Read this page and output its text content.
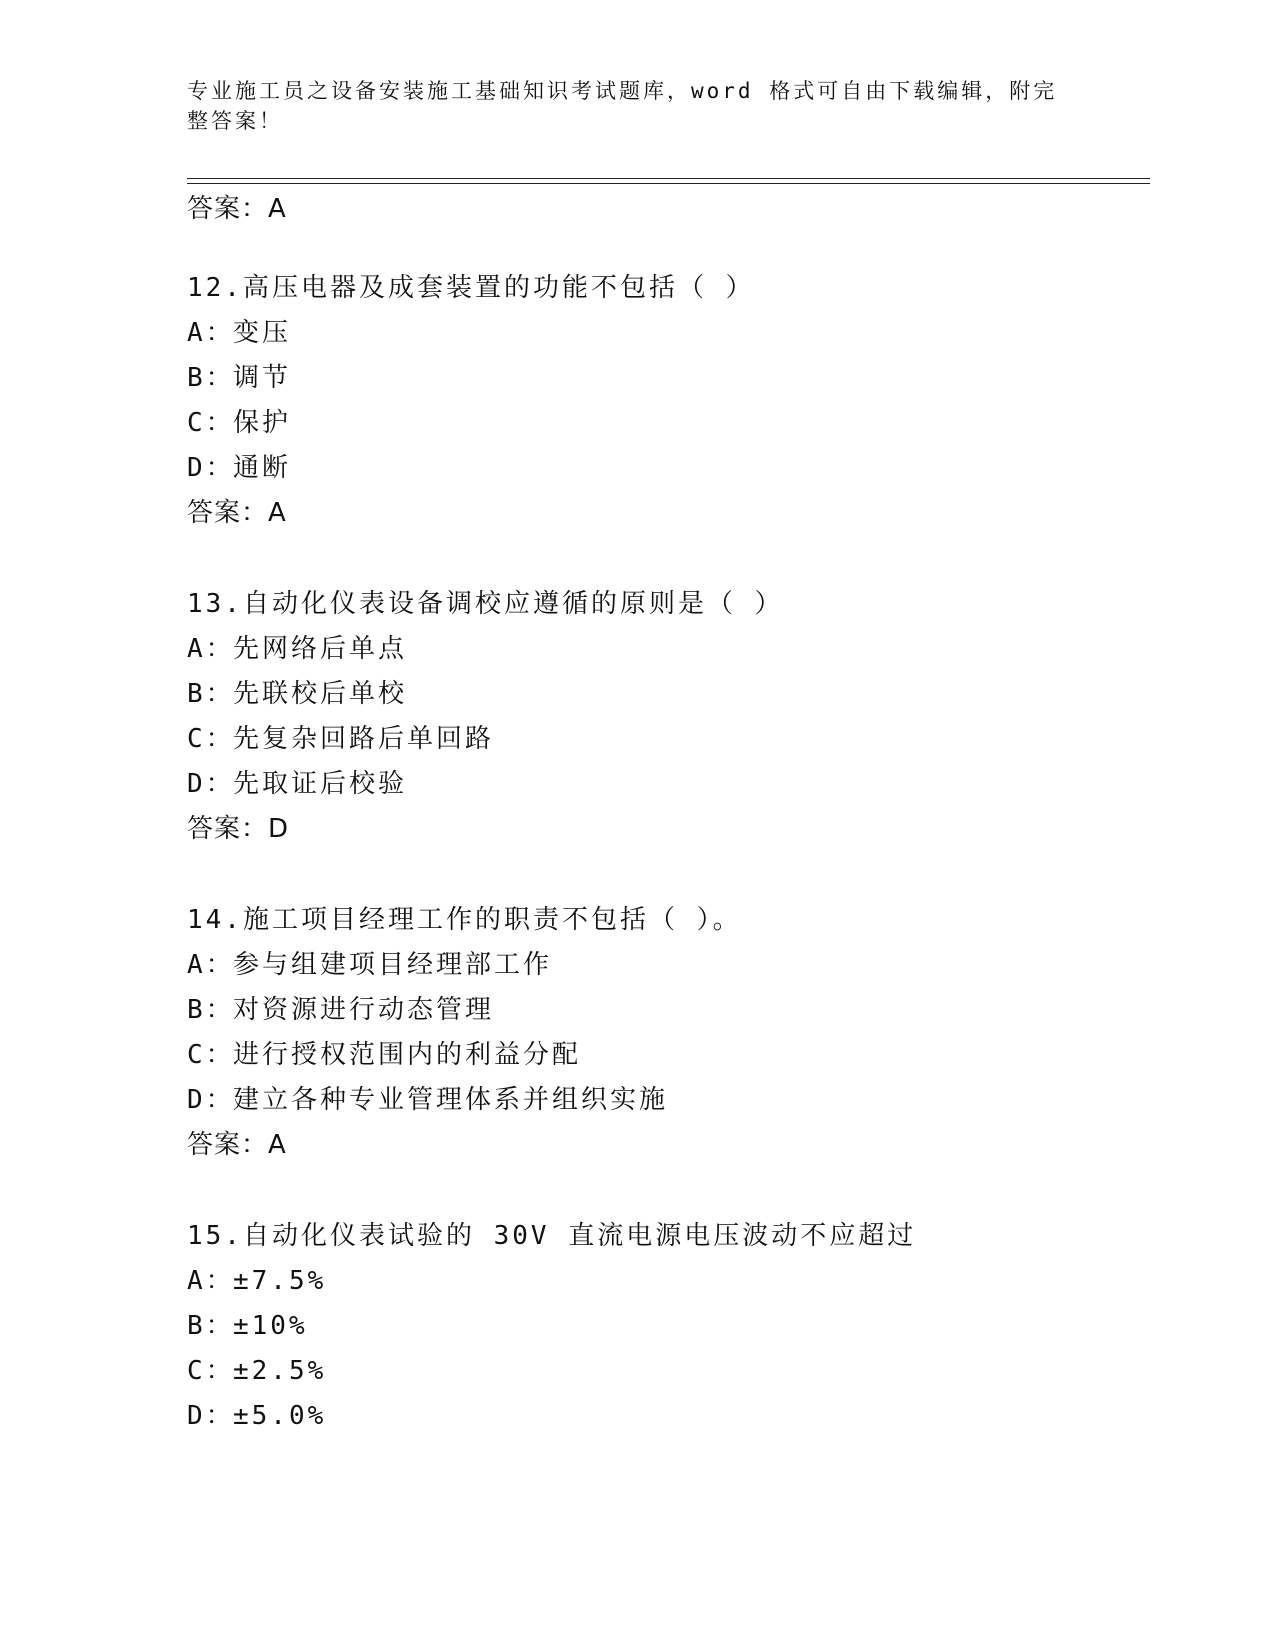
专业施工员之设备安装施工基础知识考试题库，word 格式可自由下载编辑，附完整答案！
答案：A
12.高压电器及成套装置的功能不包括（ ）
A：变压
B：调节
C：保护
D：通断
答案：A
13.自动化仪表设备调校应遵循的原则是（ ）
A：先网络后单点
B：先联校后单校
C：先复杂回路后单回路
D：先取证后校验
答案：D
14.施工项目经理工作的职责不包括（ ）。
A：参与组建项目经理部工作
B：对资源进行动态管理
C：进行授权范围内的利益分配
D：建立各种专业管理体系并组织实施
答案：A
15.自动化仪表试验的 30V 直流电源电压波动不应超过
A：±7.5%
B：±10%
C：±2.5%
D：±5.0%
